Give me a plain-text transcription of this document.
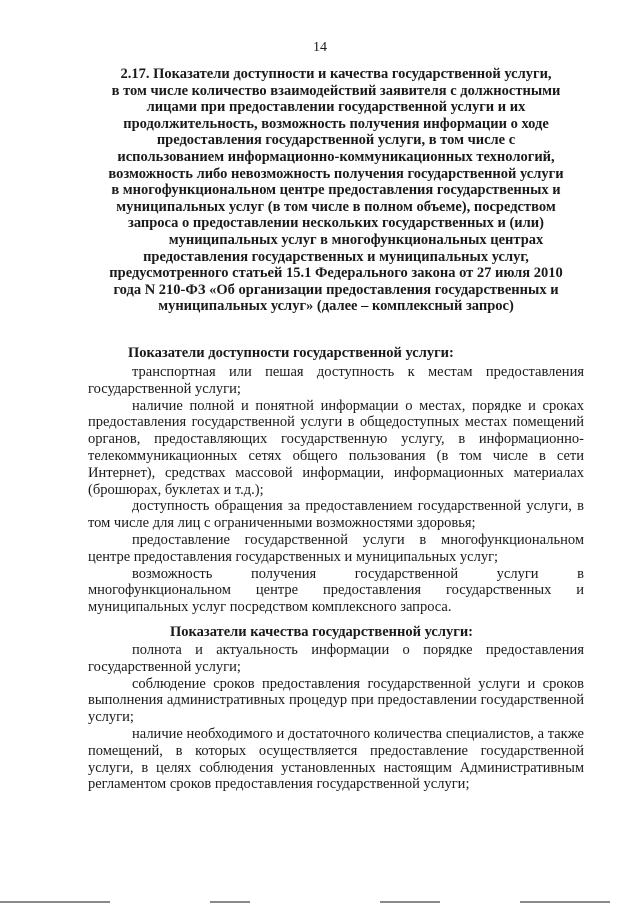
14
2.17. Показатели доступности и качества государственной услуги,
в том числе количество взаимодействий заявителя с должностными
лицами при предоставлении государственной услуги и их
продолжительность, возможность получения информации о ходе
предоставления государственной услуги, в том числе с
использованием информационно-коммуникационных технологий,
возможность либо невозможность получения государственной услуги
в многофункциональном центре предоставления государственных и
муниципальных услуг (в том числе в полном объеме), посредством
запроса о предоставлении нескольких государственных и (или)
муниципальных услуг в многофункциональных центрах
предоставления государственных и муниципальных услуг,
предусмотренного статьей 15.1 Федерального закона от 27 июля 2010
года N 210-ФЗ «Об организации предоставления государственных и
муниципальных услуг» (далее – комплексный запрос)
Показатели доступности государственной услуги:

транспортная или пешая доступность к местам предоставления государственной услуги;

наличие полной и понятной информации о местах, порядке и сроках предоставления государственной услуги в общедоступных местах помещений органов, предоставляющих государственную услугу, в информационно-телекоммуникационных сетях общего пользования (в том числе в сети Интернет), средствах массовой информации, информационных материалах (брошюрах, буклетах и т.д.);

доступность обращения за предоставлением государственной услуги, в том числе для лиц с ограниченными возможностями здоровья;

предоставление государственной услуги в многофункциональном центре предоставления государственных и муниципальных услуг;

возможность получения государственной услуги в многофункциональном центре предоставления государственных и муниципальных услуг посредством комплексного запроса.

Показатели качества государственной услуги:

полнота и актуальность информации о порядке предоставления государственной услуги;

соблюдение сроков предоставления государственной услуги и сроков выполнения административных процедур при предоставлении государственной услуги;

наличие необходимого и достаточного количества специалистов, а также помещений, в которых осуществляется предоставление государственной услуги, в целях соблюдения установленных настоящим Административным регламентом сроков предоставления государственной услуги;
